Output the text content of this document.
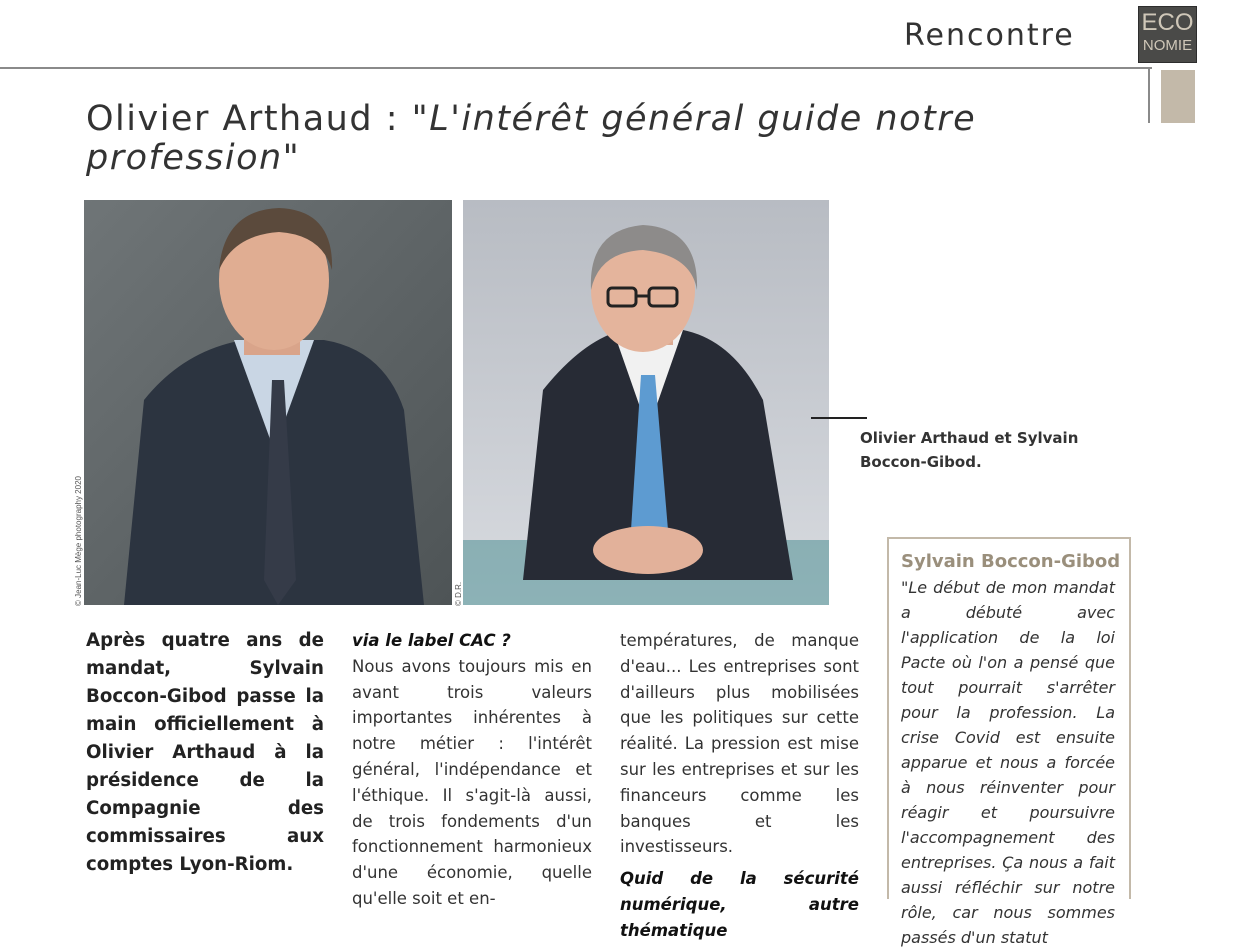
Rencontre	ECO
NOMIE
Olivier Arthaud : "L'intérêt général guide notre profession"
© Jean-Luc Mège photography 2020	© D.R.
Olivier Arthaud et Sylvain Boccon-Gibod.
Après quatre ans de mandat, Sylvain Boccon-Gibod passe la main officiellement à Olivier Arthaud à la présidence de la Compagnie des commissaires aux comptes Lyon-Riom.
via le label CAC ?
Nous avons toujours mis en avant trois valeurs importantes inhérentes à notre métier : l'intérêt général, l'indépendance et l'éthique. Il s'agit-là aussi, de trois fondements d'un fonctionnement harmonieux d'une économie, quelle qu'elle soit et en-
températures, de manque d'eau... Les entreprises sont d'ailleurs plus mobilisées que les politiques sur cette réalité. La pression est mise sur les entreprises et sur les financeurs comme les banques et les investisseurs.
Quid de la sécurité numérique, autre thématique
Sylvain Boccon-Gibod
"Le début de mon mandat a débuté avec l'application de la loi Pacte où l'on a pensé que tout pourrait s'arrêter pour la profession. La crise Covid est ensuite apparue et nous a forcée à nous réinventer pour réagir et poursuivre l'accompagnement des entreprises. Ça nous a fait aussi réfléchir sur notre rôle, car nous sommes passés d'un statut
